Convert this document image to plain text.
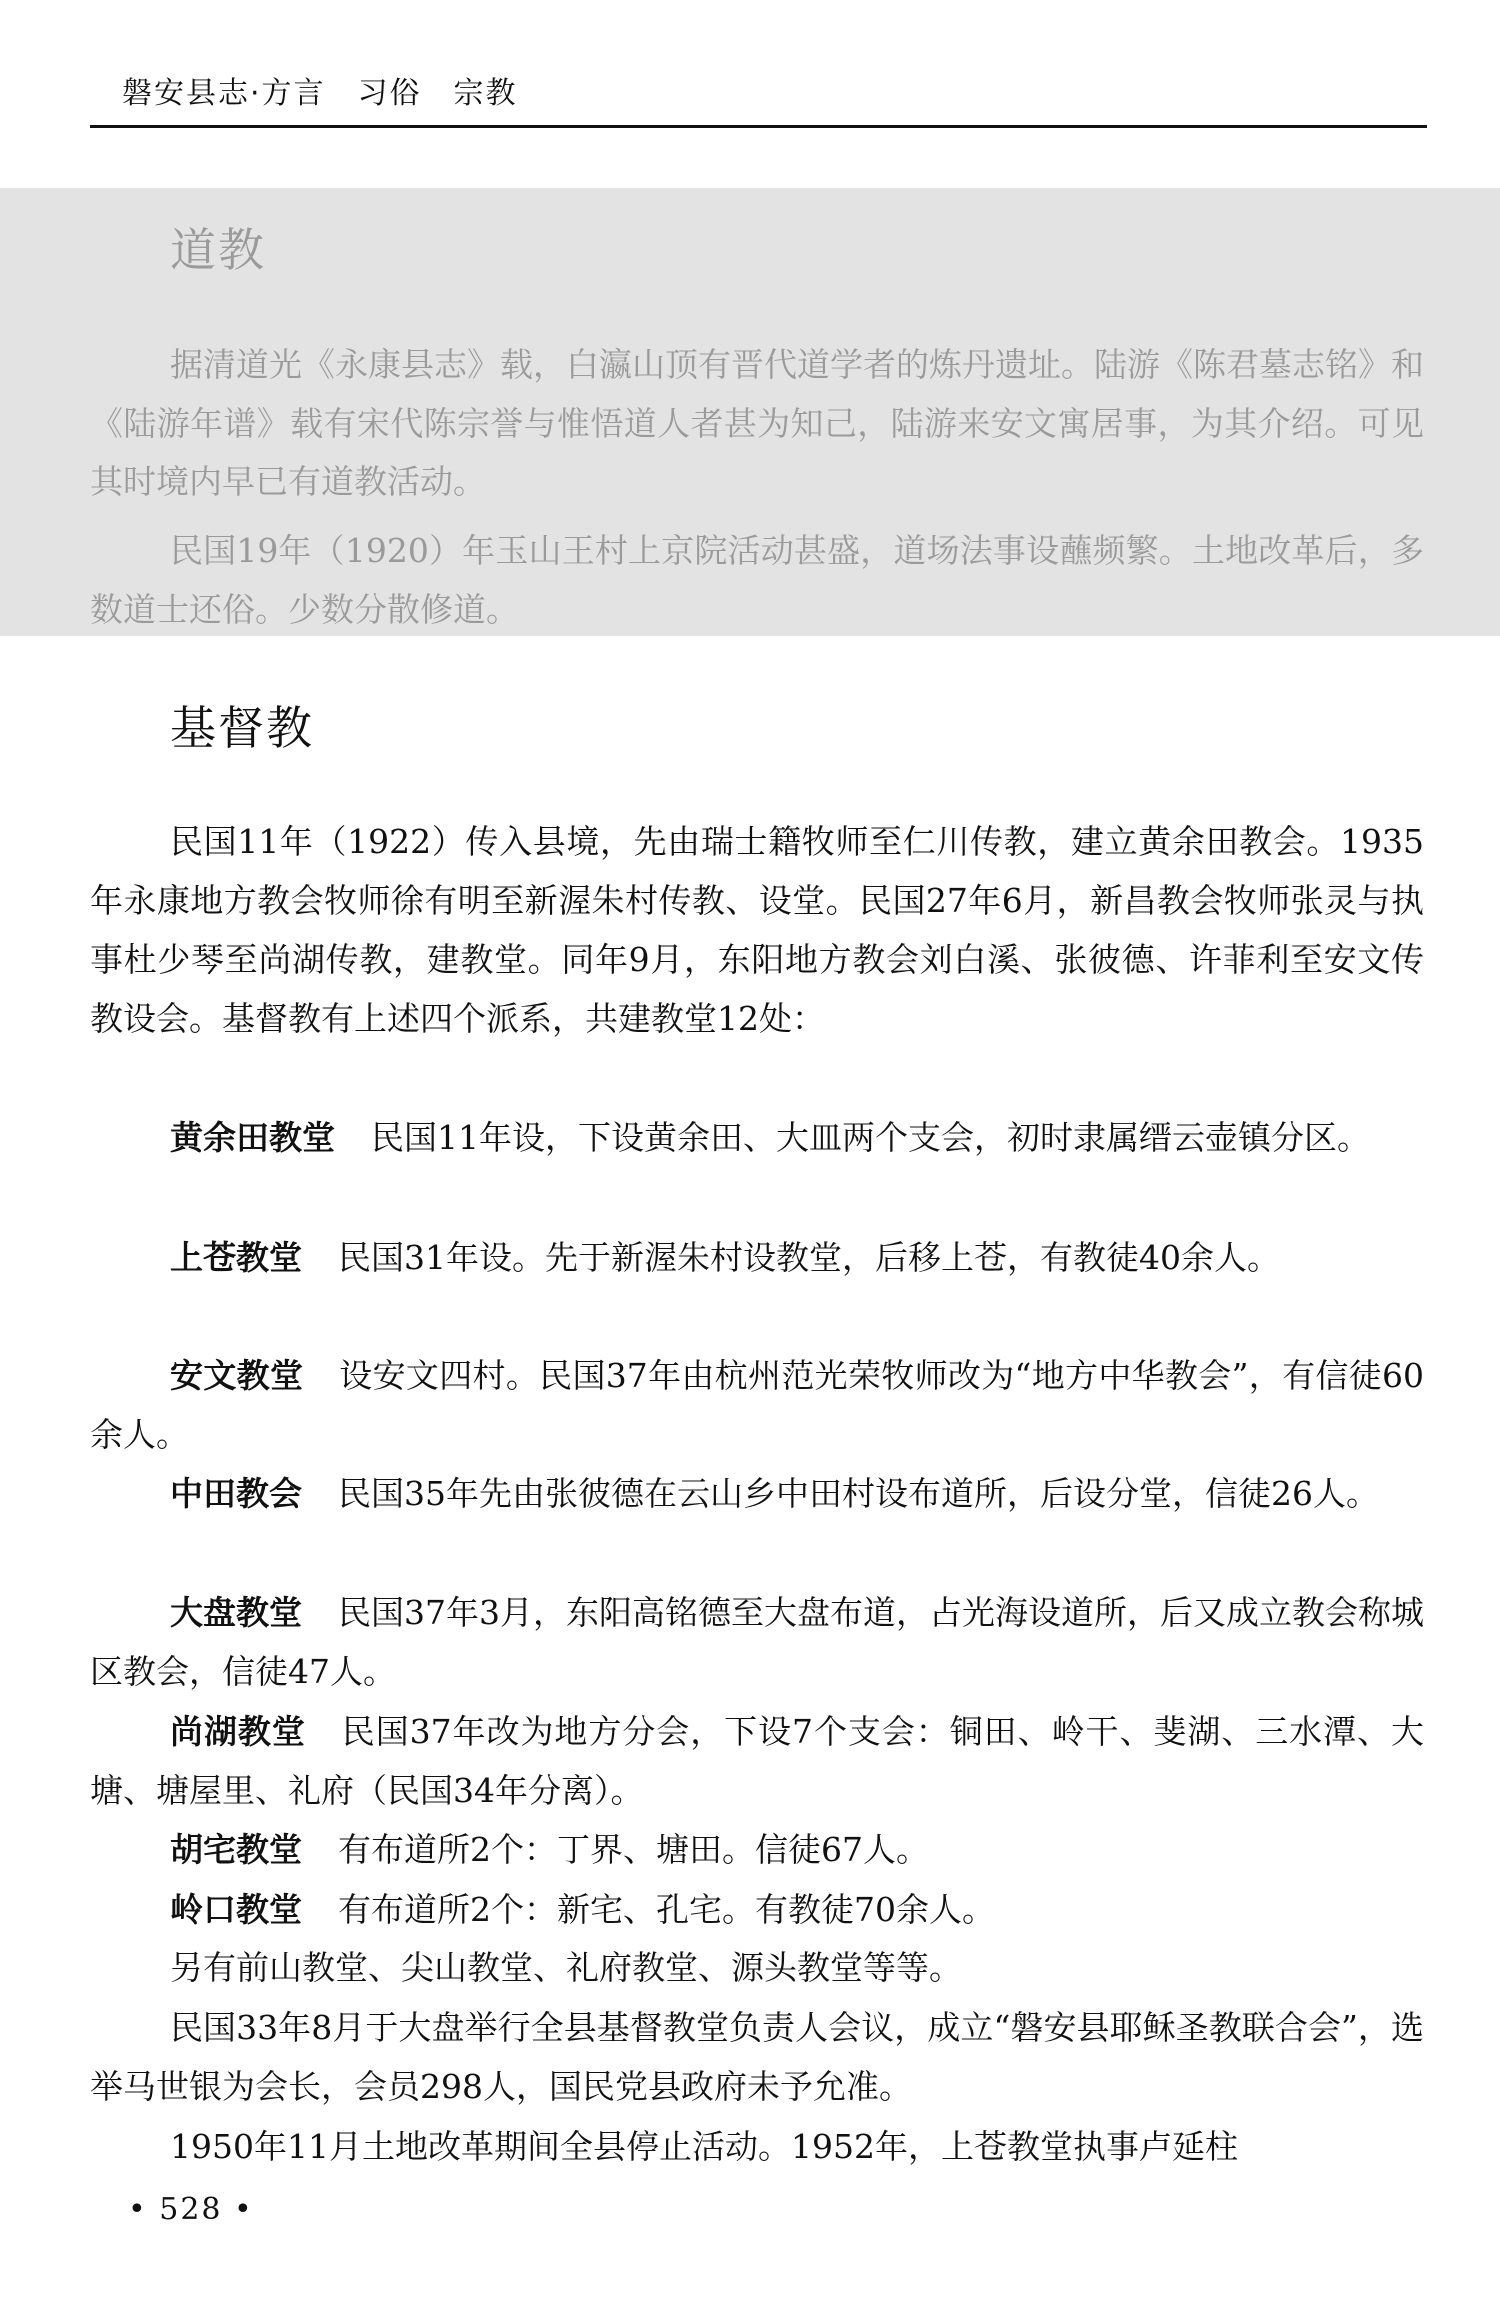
磐安县志·方言　习俗　宗教
道教

据清道光《永康县志》载，白瀛山顶有晋代道学者的炼丹遗址。陆游《陈君墓志铭》和《陆游年谱》载有宋代陈宗誉与惟悟道人者甚为知己，陆游来安文寓居事，为其介绍。可见其时境内早已有道教活动。

民国19年（1920）年玉山王村上京院活动甚盛，道场法事设蘸频繁。土地改革后，多数道士还俗。少数分散修道。

基督教

民国11年（1922）传入县境，先由瑞士籍牧师至仁川传教，建立黄余田教会。1935年永康地方教会牧师徐有明至新渥朱村传教、设堂。民国27年6月，新昌教会牧师张灵与执事杜少琴至尚湖传教，建教堂。同年9月，东阳地方教会刘白溪、张彼德、许菲利至安文传教设会。基督教有上述四个派系，共建教堂12处：

黄余田教堂 民国11年设，下设黄余田、大皿两个支会，初时隶属缙云壶镇分区。

上苍教堂 民国31年设。先于新渥朱村设教堂，后移上苍，有教徒40余人。

安文教堂 设安文四村。民国37年由杭州范光荣牧师改为“地方中华教会”，有信徒60余人。

中田教会 民国35年先由张彼德在云山乡中田村设布道所，后设分堂，信徒26人。

大盘教堂 民国37年3月，东阳高铭德至大盘布道，占光海设道所，后又成立教会称城区教会，信徒47人。

尚湖教堂 民国37年改为地方分会，下设7个支会：铜田、岭干、斐湖、三水潭、大塘、塘屋里、礼府（民国34年分离）。

胡宅教堂 有布道所2个：丁界、塘田。信徒67人。

岭口教堂 有布道所2个：新宅、孔宅。有教徒70余人。

另有前山教堂、尖山教堂、礼府教堂、源头教堂等等。

民国33年8月于大盘举行全县基督教堂负责人会议，成立“磐安县耶稣圣教联合会”，选举马世银为会长，会员298人，国民党县政府未予允准。

1950年11月土地改革期间全县停止活动。1952年，上苍教堂执事卢延柱

• 528 •
